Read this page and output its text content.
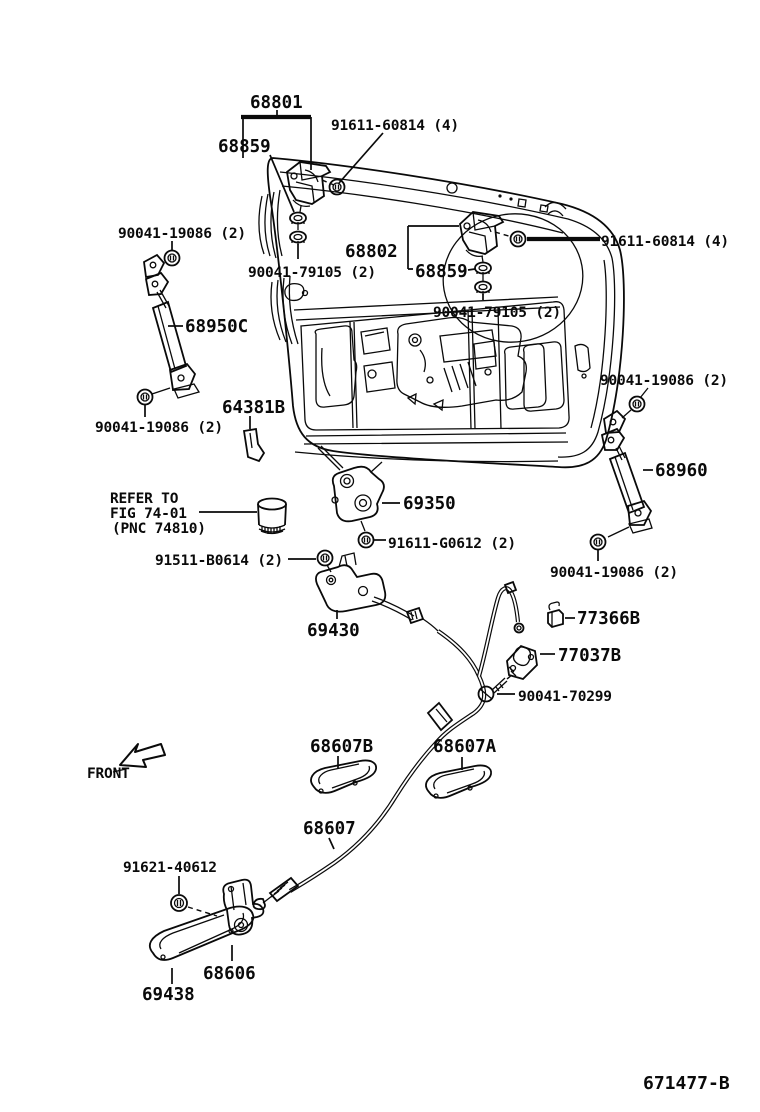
68801
91611-60814 (4)
68859
90041-19086 (2)
90041-79105 (2)
68802
68859
91611-60814 (4)
90041-79105 (2)
68950C
64381B
90041-19086 (2)
90041-19086 (2)
68960
69350
91611-G0612 (2)
91511-B0614 (2)
90041-19086 (2)
69430
77366B
77037B
90041-70299
68607B	68607A
68607
91621-40612
68606
69438
REFER TO
FIG 74-01
(PNC 74810)
FRONT
671477-B
